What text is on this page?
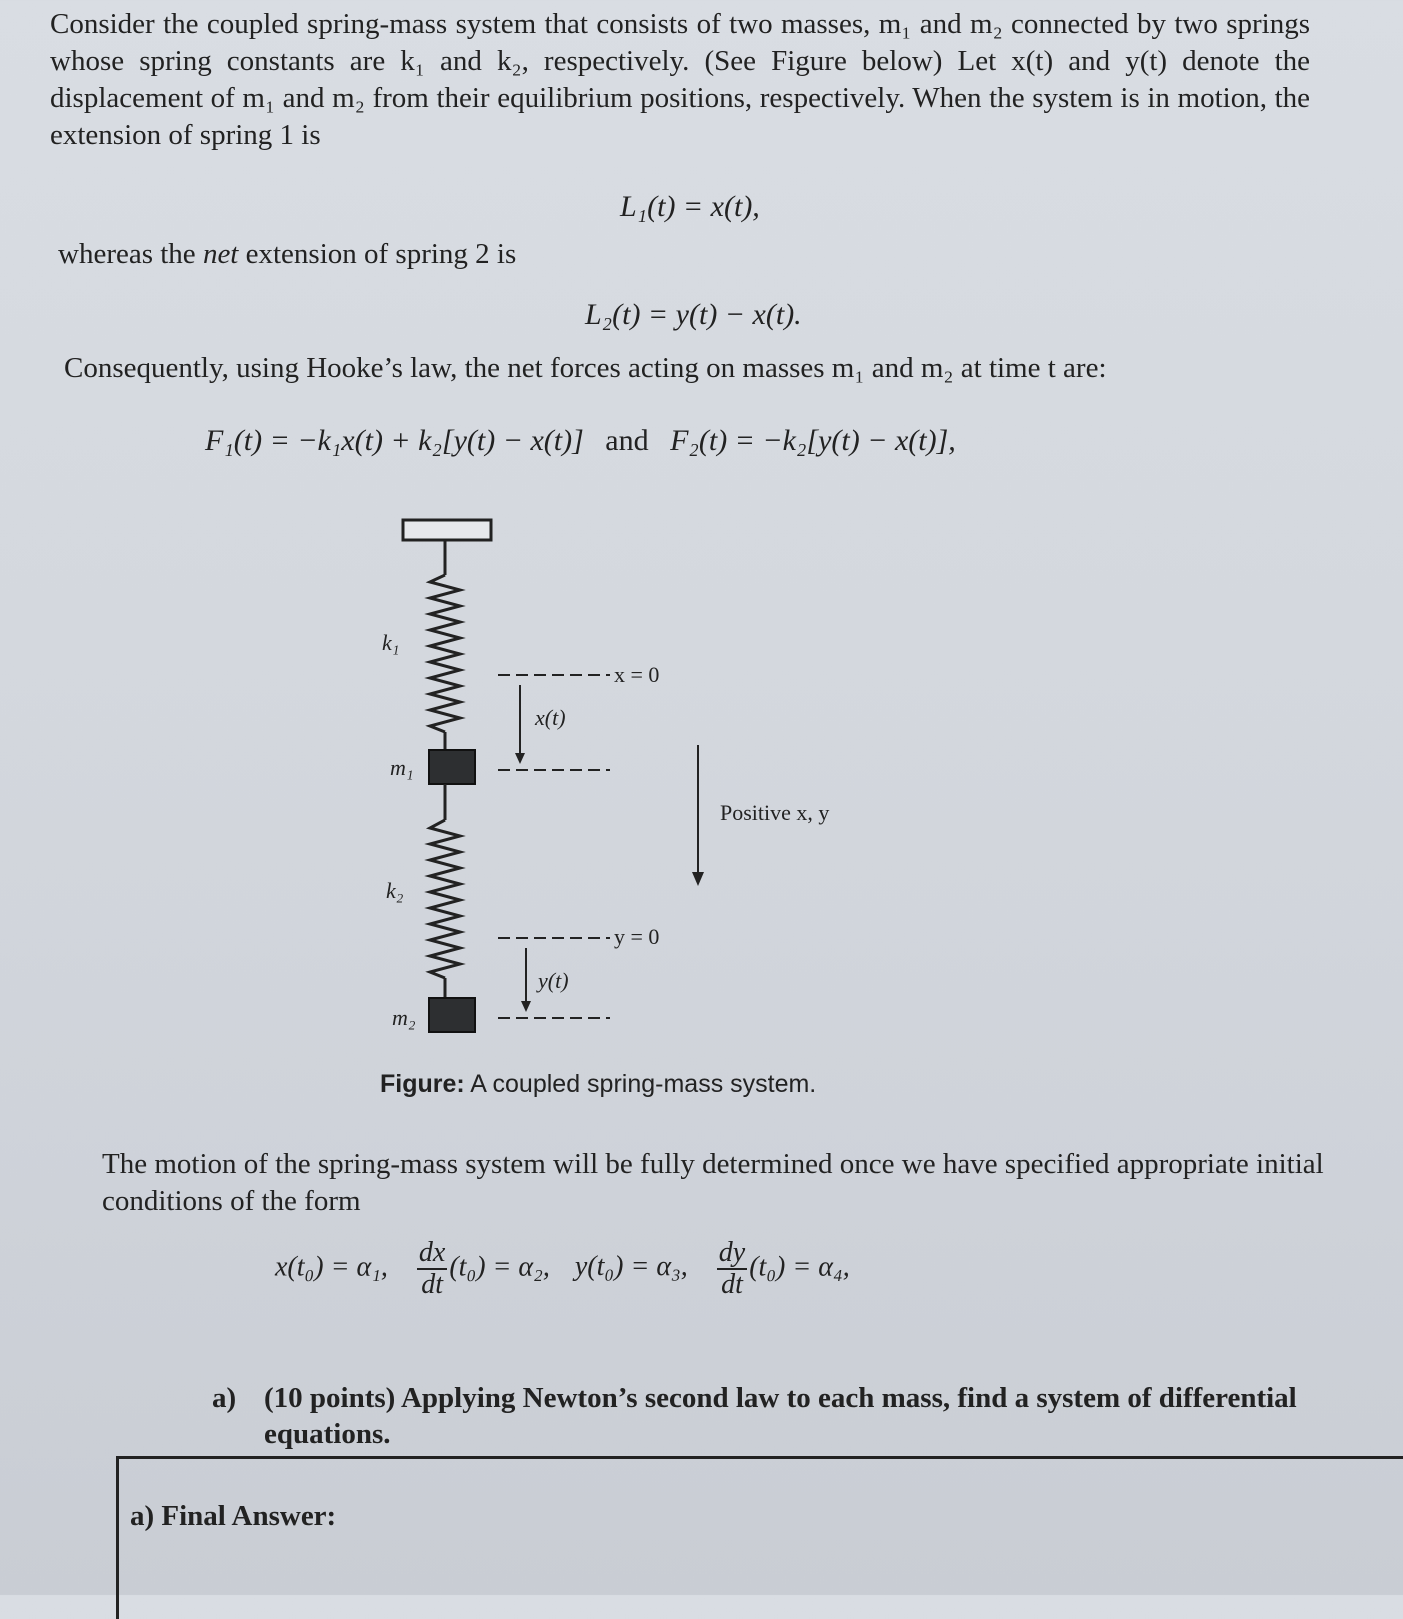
Consider the coupled spring-mass system that consists of two masses, m₁ and m₂ connected by two springs whose spring constants are k₁ and k₂, respectively. (See Figure below) Let x(t) and y(t) denote the displacement of m₁ and m₂ from their equilibrium positions, respectively. When the system is in motion, the extension of spring 1 is
L₁(t) = x(t),
whereas the net extension of spring 2 is
L₂(t) = y(t) − x(t).
Consequently, using Hooke’s law, the net forces acting on masses m₁ and m₂ at time t are:
F₁(t) = −k₁x(t) + k₂[y(t) − x(t)] and F₂(t) = −k₂[y(t) − x(t)],
k₁
m₁
k₂
m₂
x = 0
x(t)
Positive x, y
y = 0
y(t)
Figure: A coupled spring-mass system.
The motion of the spring-mass system will be fully determined once we have specified appropriate initial conditions of the form
x(t₀) = α₁, $\frac{dx}{dt} (t_0) = \alpha_2$, y(t₀) = α₃, $\frac{dy}{dt} (t_0) = \alpha_4$,
a) (10 points) Applying Newton’s second law to each mass, find a system of differential equations.
a) Final Answer:
